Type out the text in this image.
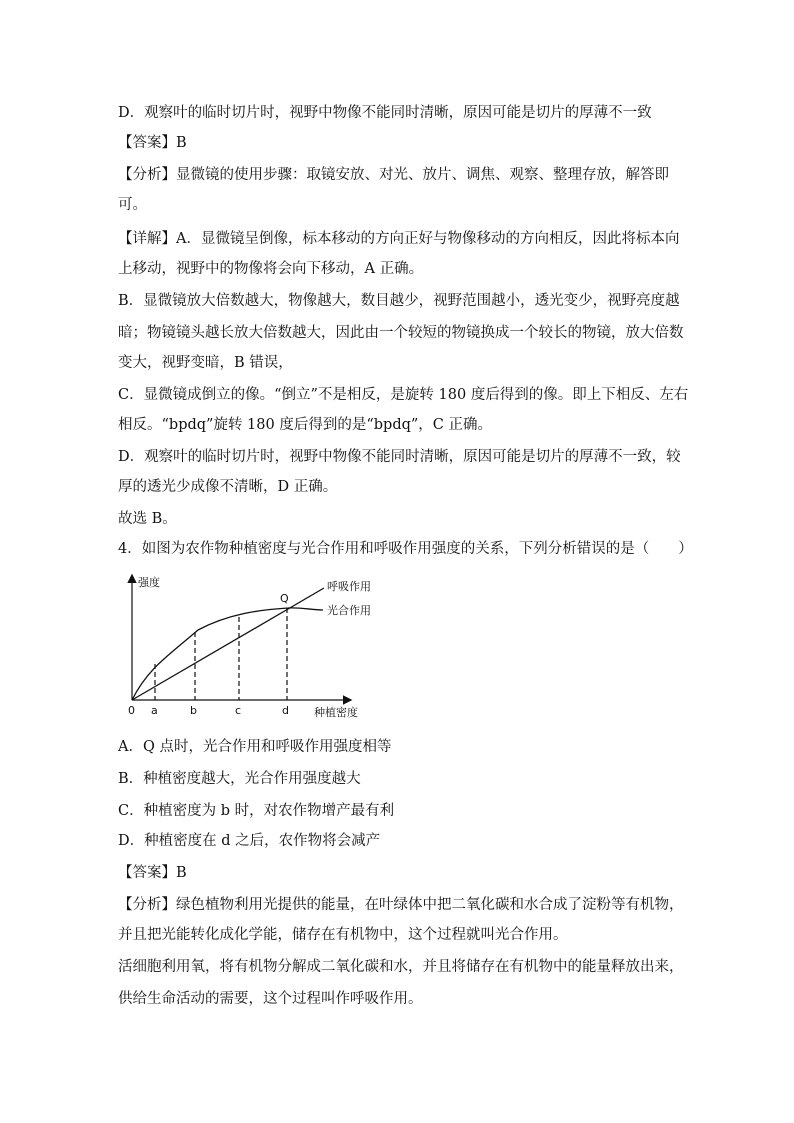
D．观察叶的临时切片时，视野中物像不能同时清晰，原因可能是切片的厚薄不一致

【答案】B

【分析】显微镜的使用步骤：取镜安放、对光、放片、调焦、观察、整理存放，解答即

可。

【详解】A．显微镜呈倒像，标本移动的方向正好与物像移动的方向相反，因此将标本向

上移动，视野中的物像将会向下移动，A 正确。

B．显微镜放大倍数越大，物像越大，数目越少，视野范围越小，透光变少，视野亮度越

暗；物镜镜头越长放大倍数越大，因此由一个较短的物镜换成一个较长的物镜，放大倍数

变大，视野变暗，B 错误，

C．显微镜成倒立的像。“倒立”不是相反，是旋转 180 度后得到的像。即上下相反、左右

相反。“bpdq”旋转 180 度后得到的是“bpdq”，C 正确。

D．观察叶的临时切片时，视野中物像不能同时清晰，原因可能是切片的厚薄不一致，较

厚的透光少成像不清晰，D 正确。

故选 B。

4．如图为农作物种植密度与光合作用和呼吸作用强度的关系，下列分析错误的是（　　）

强度
0 a	b	c	d 种植密度
Q
呼吸作用
光合作用

A．Q 点时，光合作用和呼吸作用强度相等

B．种植密度越大，光合作用强度越大

C．种植密度为 b 时，对农作物增产最有利

D．种植密度在 d 之后，农作物将会减产

【答案】B

【分析】绿色植物利用光提供的能量，在叶绿体中把二氧化碳和水合成了淀粉等有机物，

并且把光能转化成化学能，储存在有机物中，这个过程就叫光合作用。

活细胞利用氧，将有机物分解成二氧化碳和水，并且将储存在有机物中的能量释放出来，

供给生命活动的需要，这个过程叫作呼吸作用。
